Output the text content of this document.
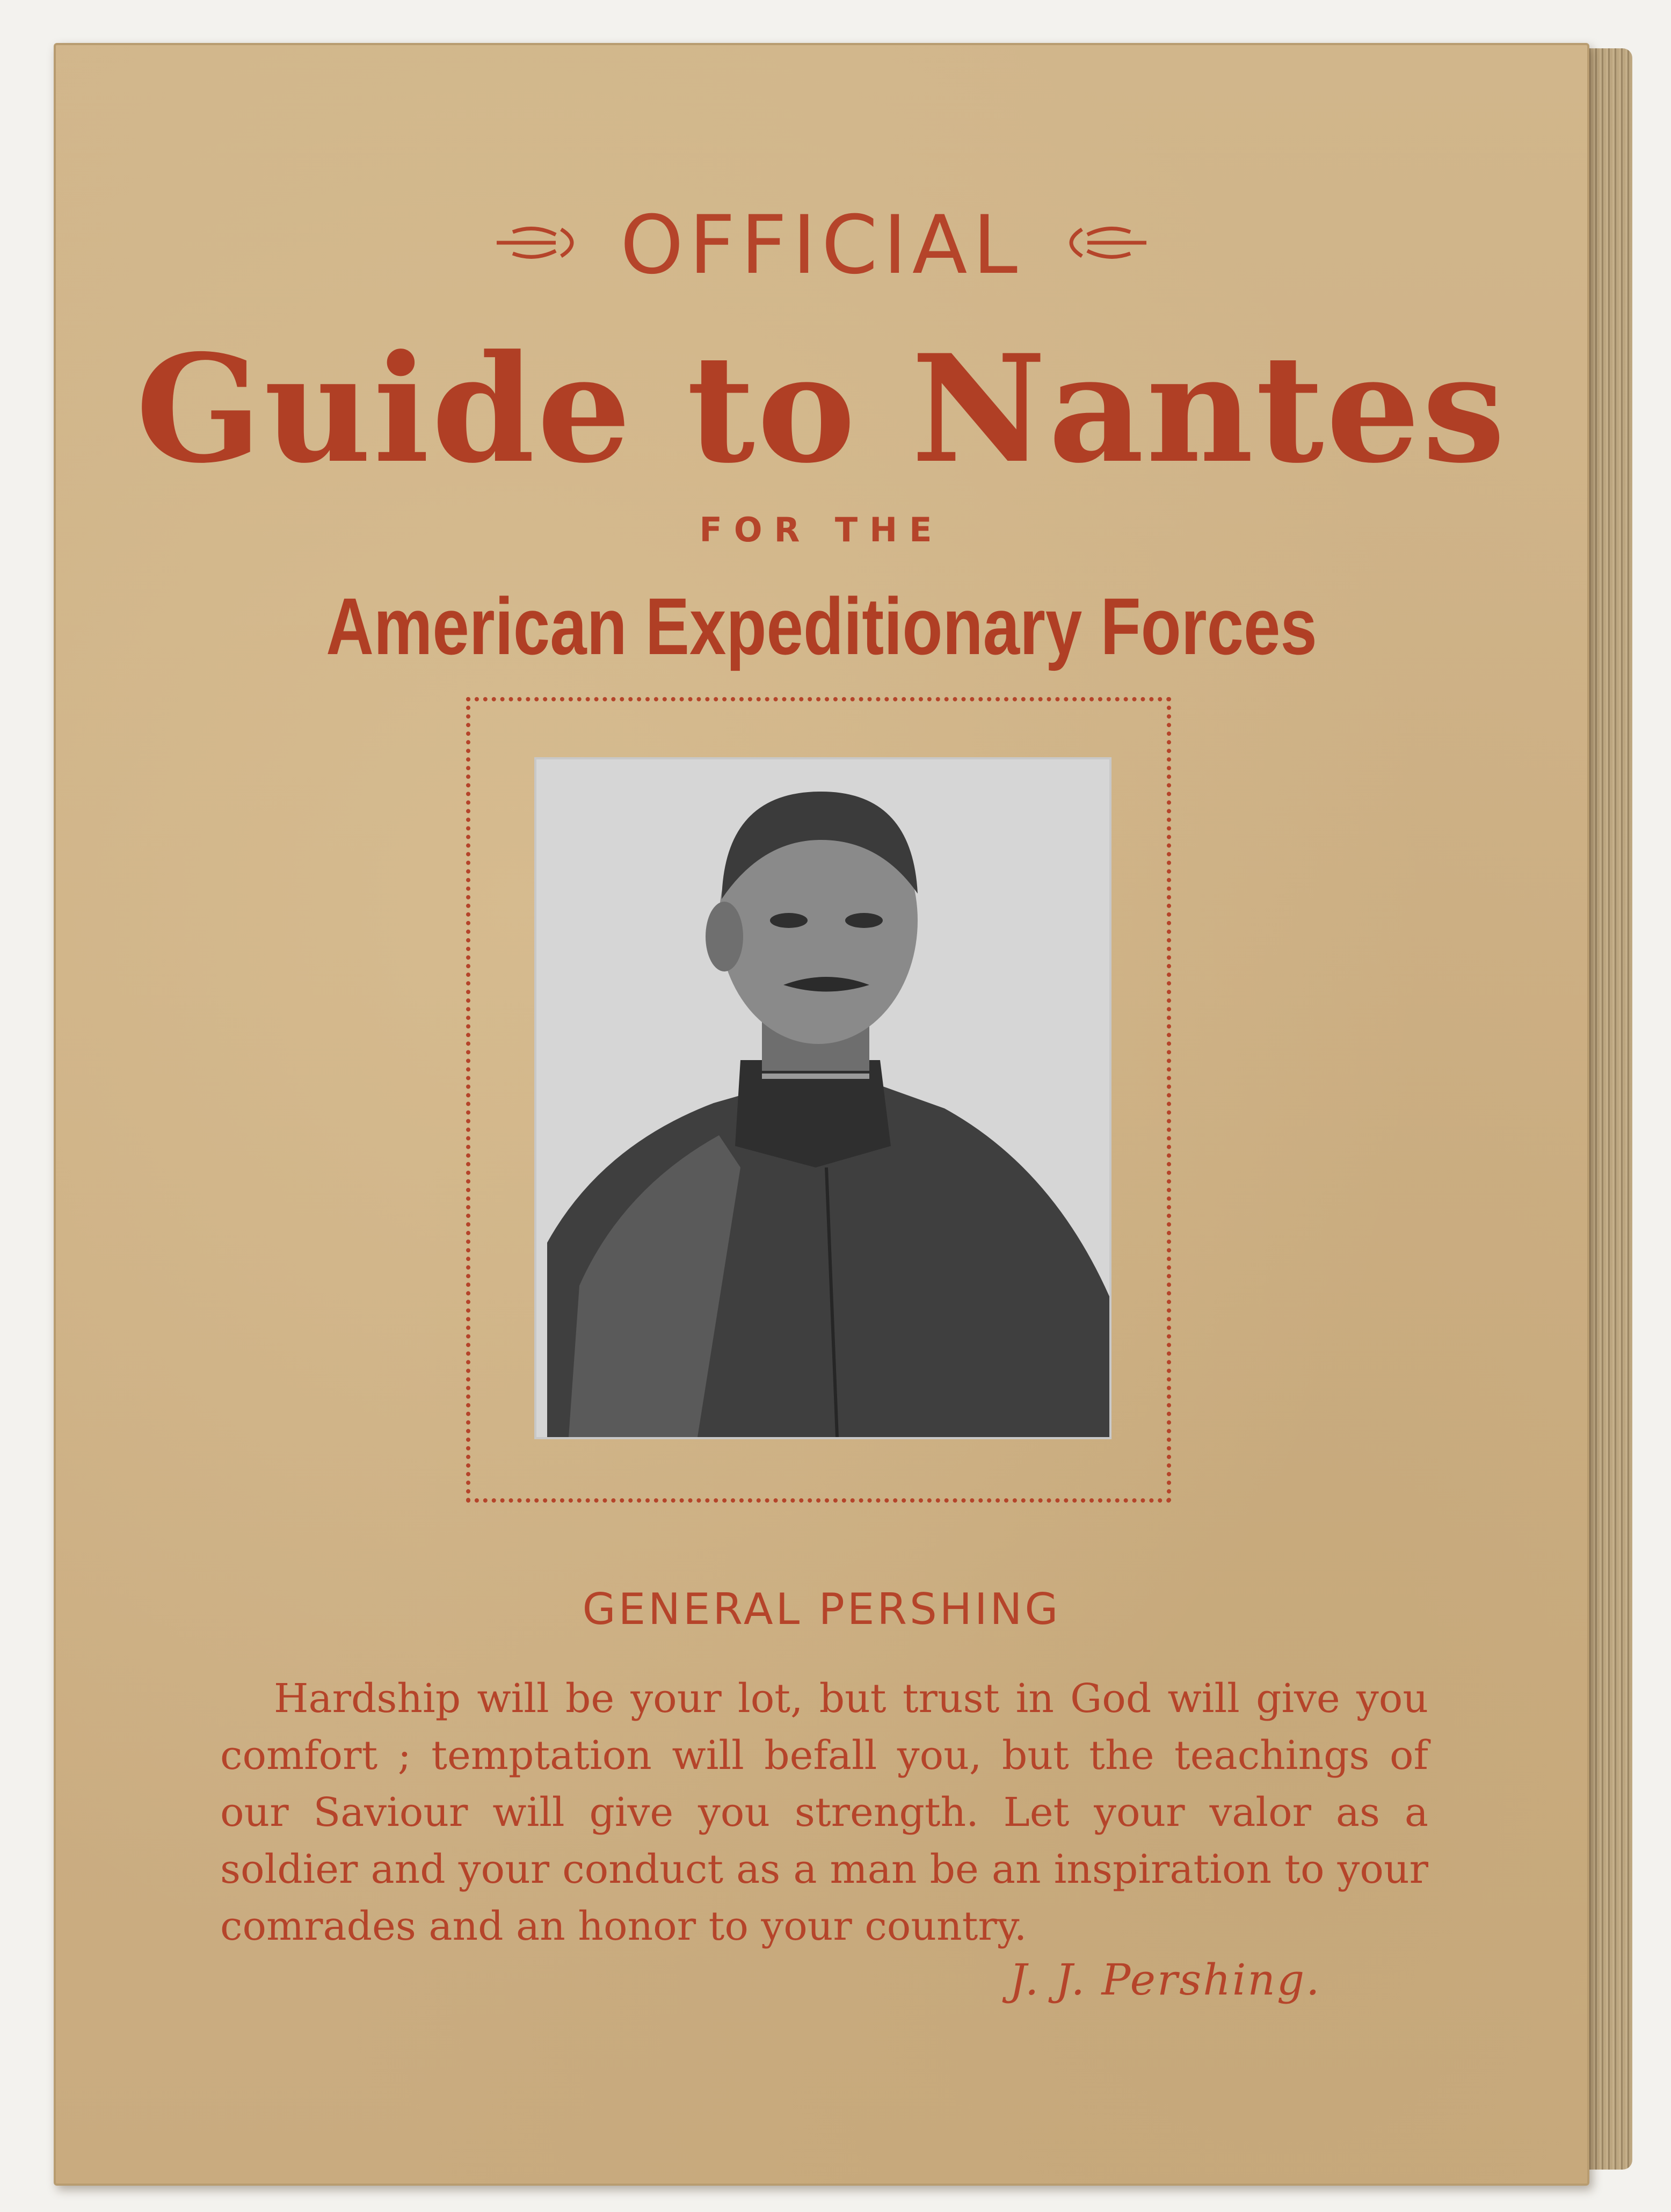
OFFICIAL
Guide to Nantes
FOR THE
American Expeditionary Forces
GENERAL PERSHING
Hardship will be your lot, but trust in God will give you comfort ; temptation will befall you, but the teachings of our Saviour will give you strength. Let your valor as a soldier and your conduct as a man be an inspiration to your comrades and an honor to your country.
J. J. Pershing.
